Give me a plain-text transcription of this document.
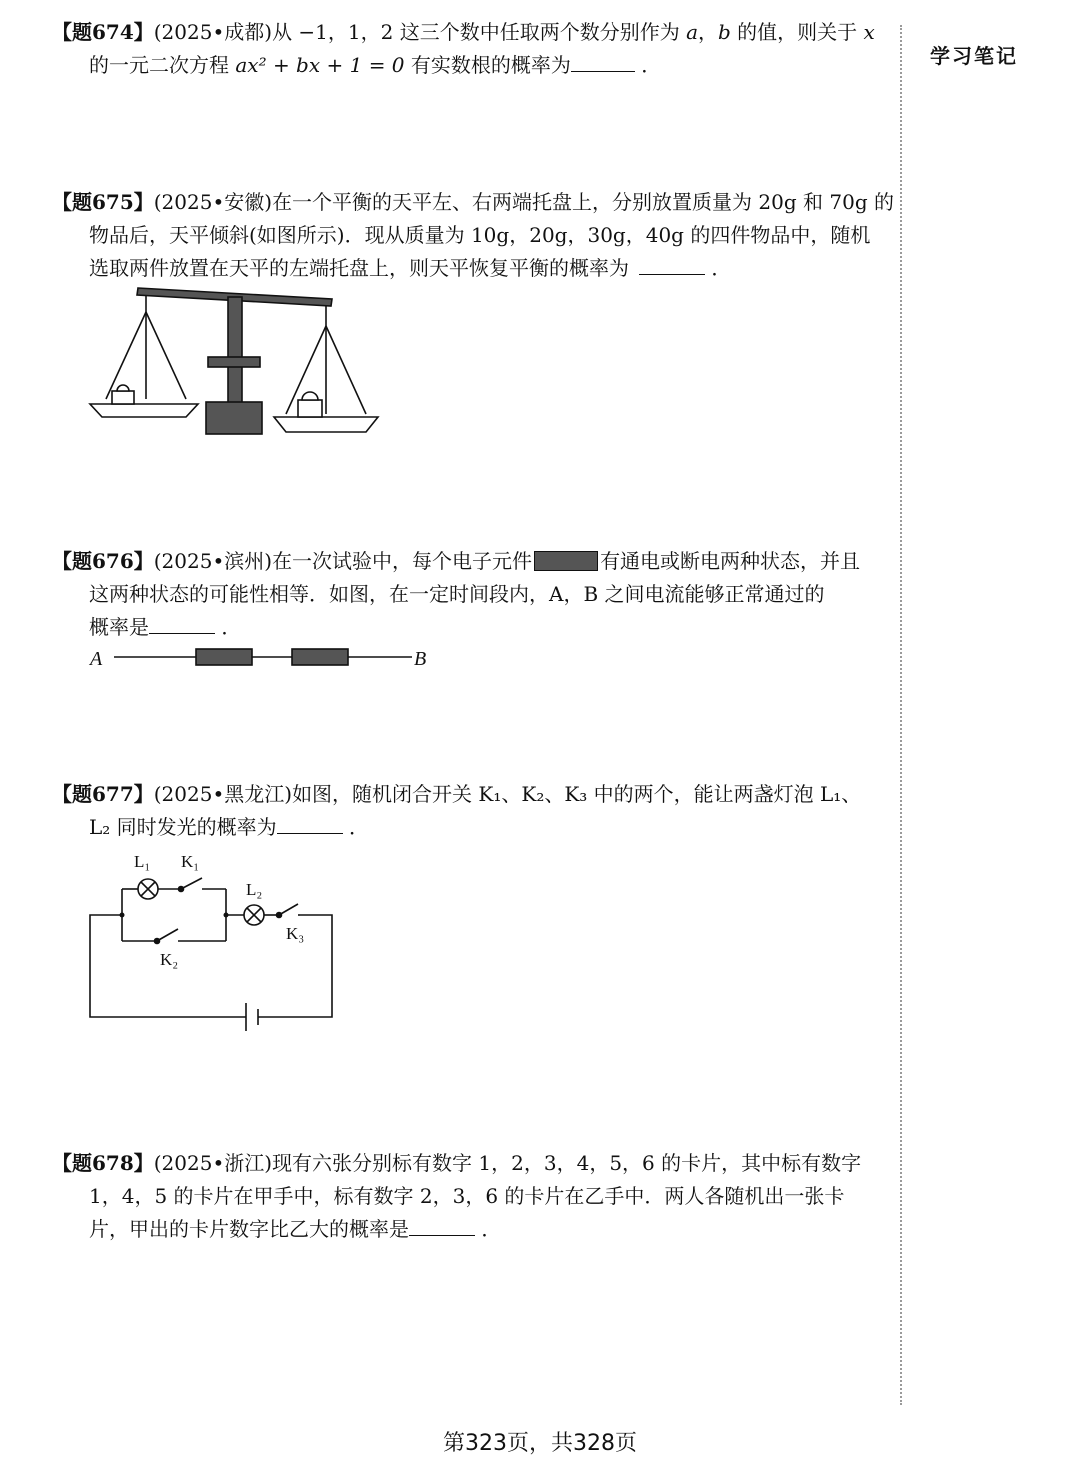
学习笔记
【题674】(2025•成都)从 −1，1，2 这三个数中任取两个数分别作为 a，b 的值，则关于 x
的一元二次方程 ax² + bx + 1 = 0 有实数根的概率为	．
【题675】(2025•安徽)在一个平衡的天平左、右两端托盘上，分别放置质量为 20g 和 70g 的
物品后，天平倾斜(如图所示)．现从质量为 10g，20g，30g，40g 的四件物品中，随机
选取两件放置在天平的左端托盘上，则天平恢复平衡的概率为	．
【题676】(2025•滨州)在一次试验中，每个电子元件	有通电或断电两种状态，并且
这两种状态的可能性相等．如图，在一定时间段内，A，B 之间电流能够正常通过的
概率是	．
A	B
【题677】(2025•黑龙江)如图，随机闭合开关 K₁、K₂、K₃ 中的两个，能让两盏灯泡 L₁、
L₂ 同时发光的概率为	．
L₁ K₁
L₂
K₃
K₂
【题678】(2025•浙江)现有六张分别标有数字 1，2，3，4，5，6 的卡片，其中标有数字
1，4，5 的卡片在甲手中，标有数字 2，3，6 的卡片在乙手中．两人各随机出一张卡
片，甲出的卡片数字比乙大的概率是	．
第323页，共328页
